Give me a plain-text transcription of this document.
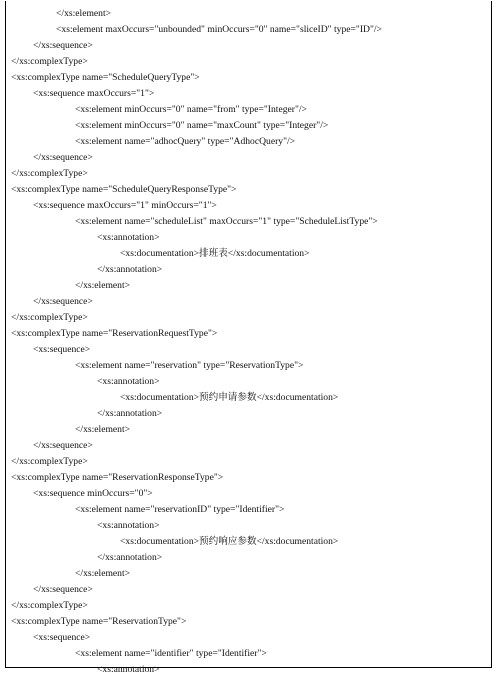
</xs:element>
<xs:element maxOccurs="unbounded" minOccurs="0" name="sliceID" type="ID"/>
</xs:sequence>
</xs:complexType>
<xs:complexType name="ScheduleQueryType">
<xs:sequence maxOccurs="1">
<xs:element minOccurs="0" name="from" type="Integer"/>
<xs:element minOccurs="0" name="maxCount" type="Integer"/>
<xs:element name="adhocQuery" type="AdhocQuery"/>
</xs:sequence>
</xs:complexType>
<xs:complexType name="ScheduleQueryResponseType">
<xs:sequence maxOccurs="1" minOccurs="1">
<xs:element name="scheduleList" maxOccurs="1" type="ScheduleListType">
<xs:annotation>
<xs:documentation>排班表</xs:documentation>
</xs:annotation>
</xs:element>
</xs:sequence>
</xs:complexType>
<xs:complexType name="ReservationRequestType">
<xs:sequence>
<xs:element name="reservation" type="ReservationType">
<xs:annotation>
<xs:documentation>预约申请参数</xs:documentation>
</xs:annotation>
</xs:element>
</xs:sequence>
</xs:complexType>
<xs:complexType name="ReservationResponseType">
<xs:sequence minOccurs="0">
<xs:element name="reservationID" type="Identifier">
<xs:annotation>
<xs:documentation>预约响应参数</xs:documentation>
</xs:annotation>
</xs:element>
</xs:sequence>
</xs:complexType>
<xs:complexType name="ReservationType">
<xs:sequence>
<xs:element name="identifier" type="Identifier">
<xs:annotation>
